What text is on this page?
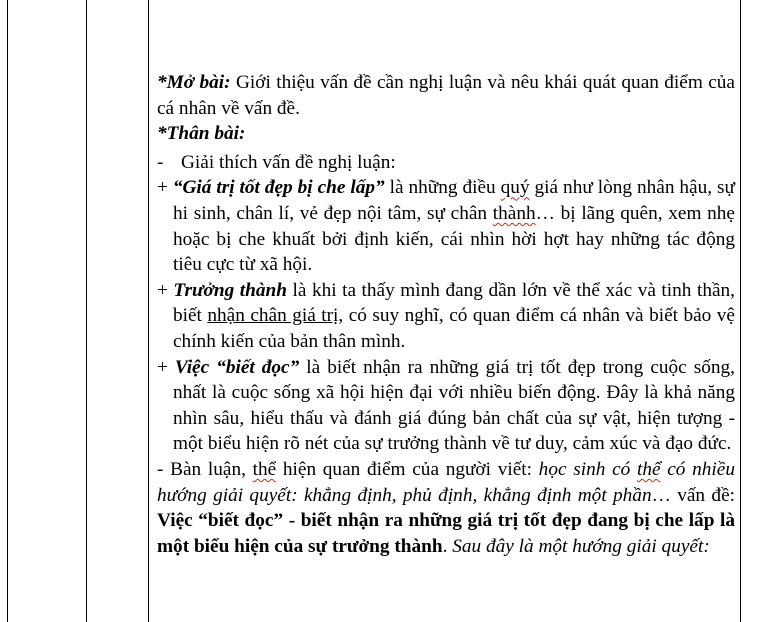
*Mở bài: Giới thiệu vấn đề cần nghị luận và nêu khái quát quan điểm của cá nhân về vấn đề.

*Thân bài:

- Giải thích vấn đề nghị luận:

+ “Giá trị tốt đẹp bị che lấp” là những điều quý giá như lòng nhân hậu, sự hi sinh, chân lí, vẻ đẹp nội tâm, sự chân thành… bị lãng quên, xem nhẹ hoặc bị che khuất bởi định kiến, cái nhìn hời hợt hay những tác động tiêu cực từ xã hội.

+ Trưởng thành là khi ta thấy mình đang dần lớn về thể xác và tinh thần, biết nhận chân giá trị, có suy nghĩ, có quan điểm cá nhân và biết bảo vệ chính kiến của bản thân mình.

+ Việc “biết đọc” là biết nhận ra những giá trị tốt đẹp trong cuộc sống, nhất là cuộc sống xã hội hiện đại với nhiều biến động. Đây là khả năng nhìn sâu, hiểu thấu và đánh giá đúng bản chất của sự vật, hiện tượng - một biểu hiện rõ nét của sự trưởng thành về tư duy, cảm xúc và đạo đức.

- Bàn luận, thể hiện quan điểm của người viết: học sinh có thể có nhiều hướng giải quyết: khẳng định, phủ định, khẳng định một phần… vấn đề: Việc “biết đọc” - biết nhận ra những giá trị tốt đẹp đang bị che lấp là một biểu hiện của sự trưởng thành. Sau đây là một hướng giải quyết:
